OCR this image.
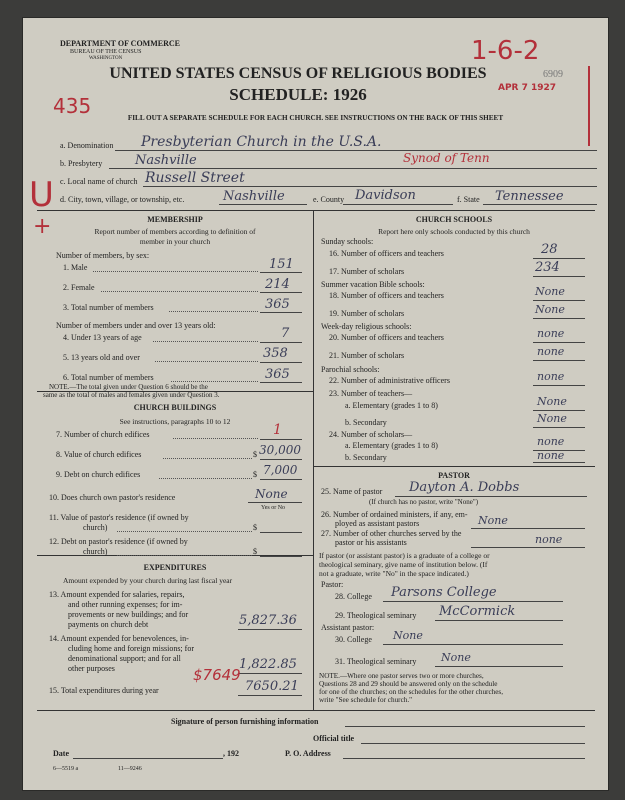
DEPARTMENT OF COMMERCE
BUREAU OF THE CENSUS
WASHINGTON
UNITED STATES CENSUS OF RELIGIOUS BODIES
SCHEDULE: 1926
FILL OUT A SEPARATE SCHEDULE FOR EACH CHURCH. SEE INSTRUCTIONS ON THE BACK OF THIS SHEET
1-6-2
6909
APR 7 1927
435
U
+
a. Denomination Presbyterian Church in the U.S.A.
b. Presbytery	Nashville	Synod of Tenn
c. Local name of church Russell Street
d. City, town, village, or township, etc.	Nashville	e. County Davidson	f. State Tennessee
MEMBERSHIP
Report number of members according to definition of
member in your church
Number of members, by sex:
1. Male	151
2. Female	214
3. Total number of members	365
Number of members under and over 13 years old:
4. Under 13 years of age	7
5. 13 years old and over	358
6. Total number of members	365
NOTE.—The total given under Question 6 should be the
same as the total of males and females given under Question 3.
CHURCH BUILDINGS
See instructions, paragraphs 10 to 12
7. Number of church edifices	1
8. Value of church edifices	$ 30,000
9. Debt on church edifices	$ 7,000
10. Does church own pastor's residence	None
Yes or No
11. Value of pastor's residence (if owned by
church)	$
12. Debt on pastor's residence (if owned by
church)	$
EXPENDITURES
Amount expended by your church during last fiscal year
13. Amount expended for salaries, repairs,
and other running expenses; for im-
provements or new buildings; and for
payments on church debt	5,827.36
14. Amount expended for benevolences, in-
cluding home and foreign missions; for
denominational support; and for all
other purposes	1,822.85
15. Total expenditures during year	7650.21
$7649
CHURCH SCHOOLS
Report here only schools conducted by this church
Sunday schools:
16. Number of officers and teachers	28
17. Number of scholars	234
Summer vacation Bible schools:
18. Number of officers and teachers	None
19. Number of scholars	None
Week-day religious schools:
20. Number of officers and teachers	none
21. Number of scholars	none
Parochial schools:
22. Number of administrative officers	none
23. Number of teachers—
a. Elementary (grades 1 to 8)	None
b. Secondary	None
24. Number of scholars—
a. Elementary (grades 1 to 8)	none
b. Secondary	none
PASTOR
25. Name of pastor Dayton A. Dobbs
(If church has no pastor, write "None")
26. Number of ordained ministers, if any, em-
ployed as assistant pastors	None
27. Number of other churches served by the
pastor or his assistants	none
If pastor (or assistant pastor) is a graduate of a college or
theological seminary, give name of institution below. (If
not a graduate, write "No" in the space indicated.)
Pastor:
28. College Parsons College
29. Theological seminary McCormick
Assistant pastor:
30. College None
31. Theological seminary None
NOTE.—Where one pastor serves two or more churches,
Questions 28 and 29 should be answered only on the schedule
for one of the churches; on the schedules for the other churches,
write "See schedule for church."
Signature of person furnishing information
Official title
Date	, 192	P. O. Address
6—5519 a	11—9246
